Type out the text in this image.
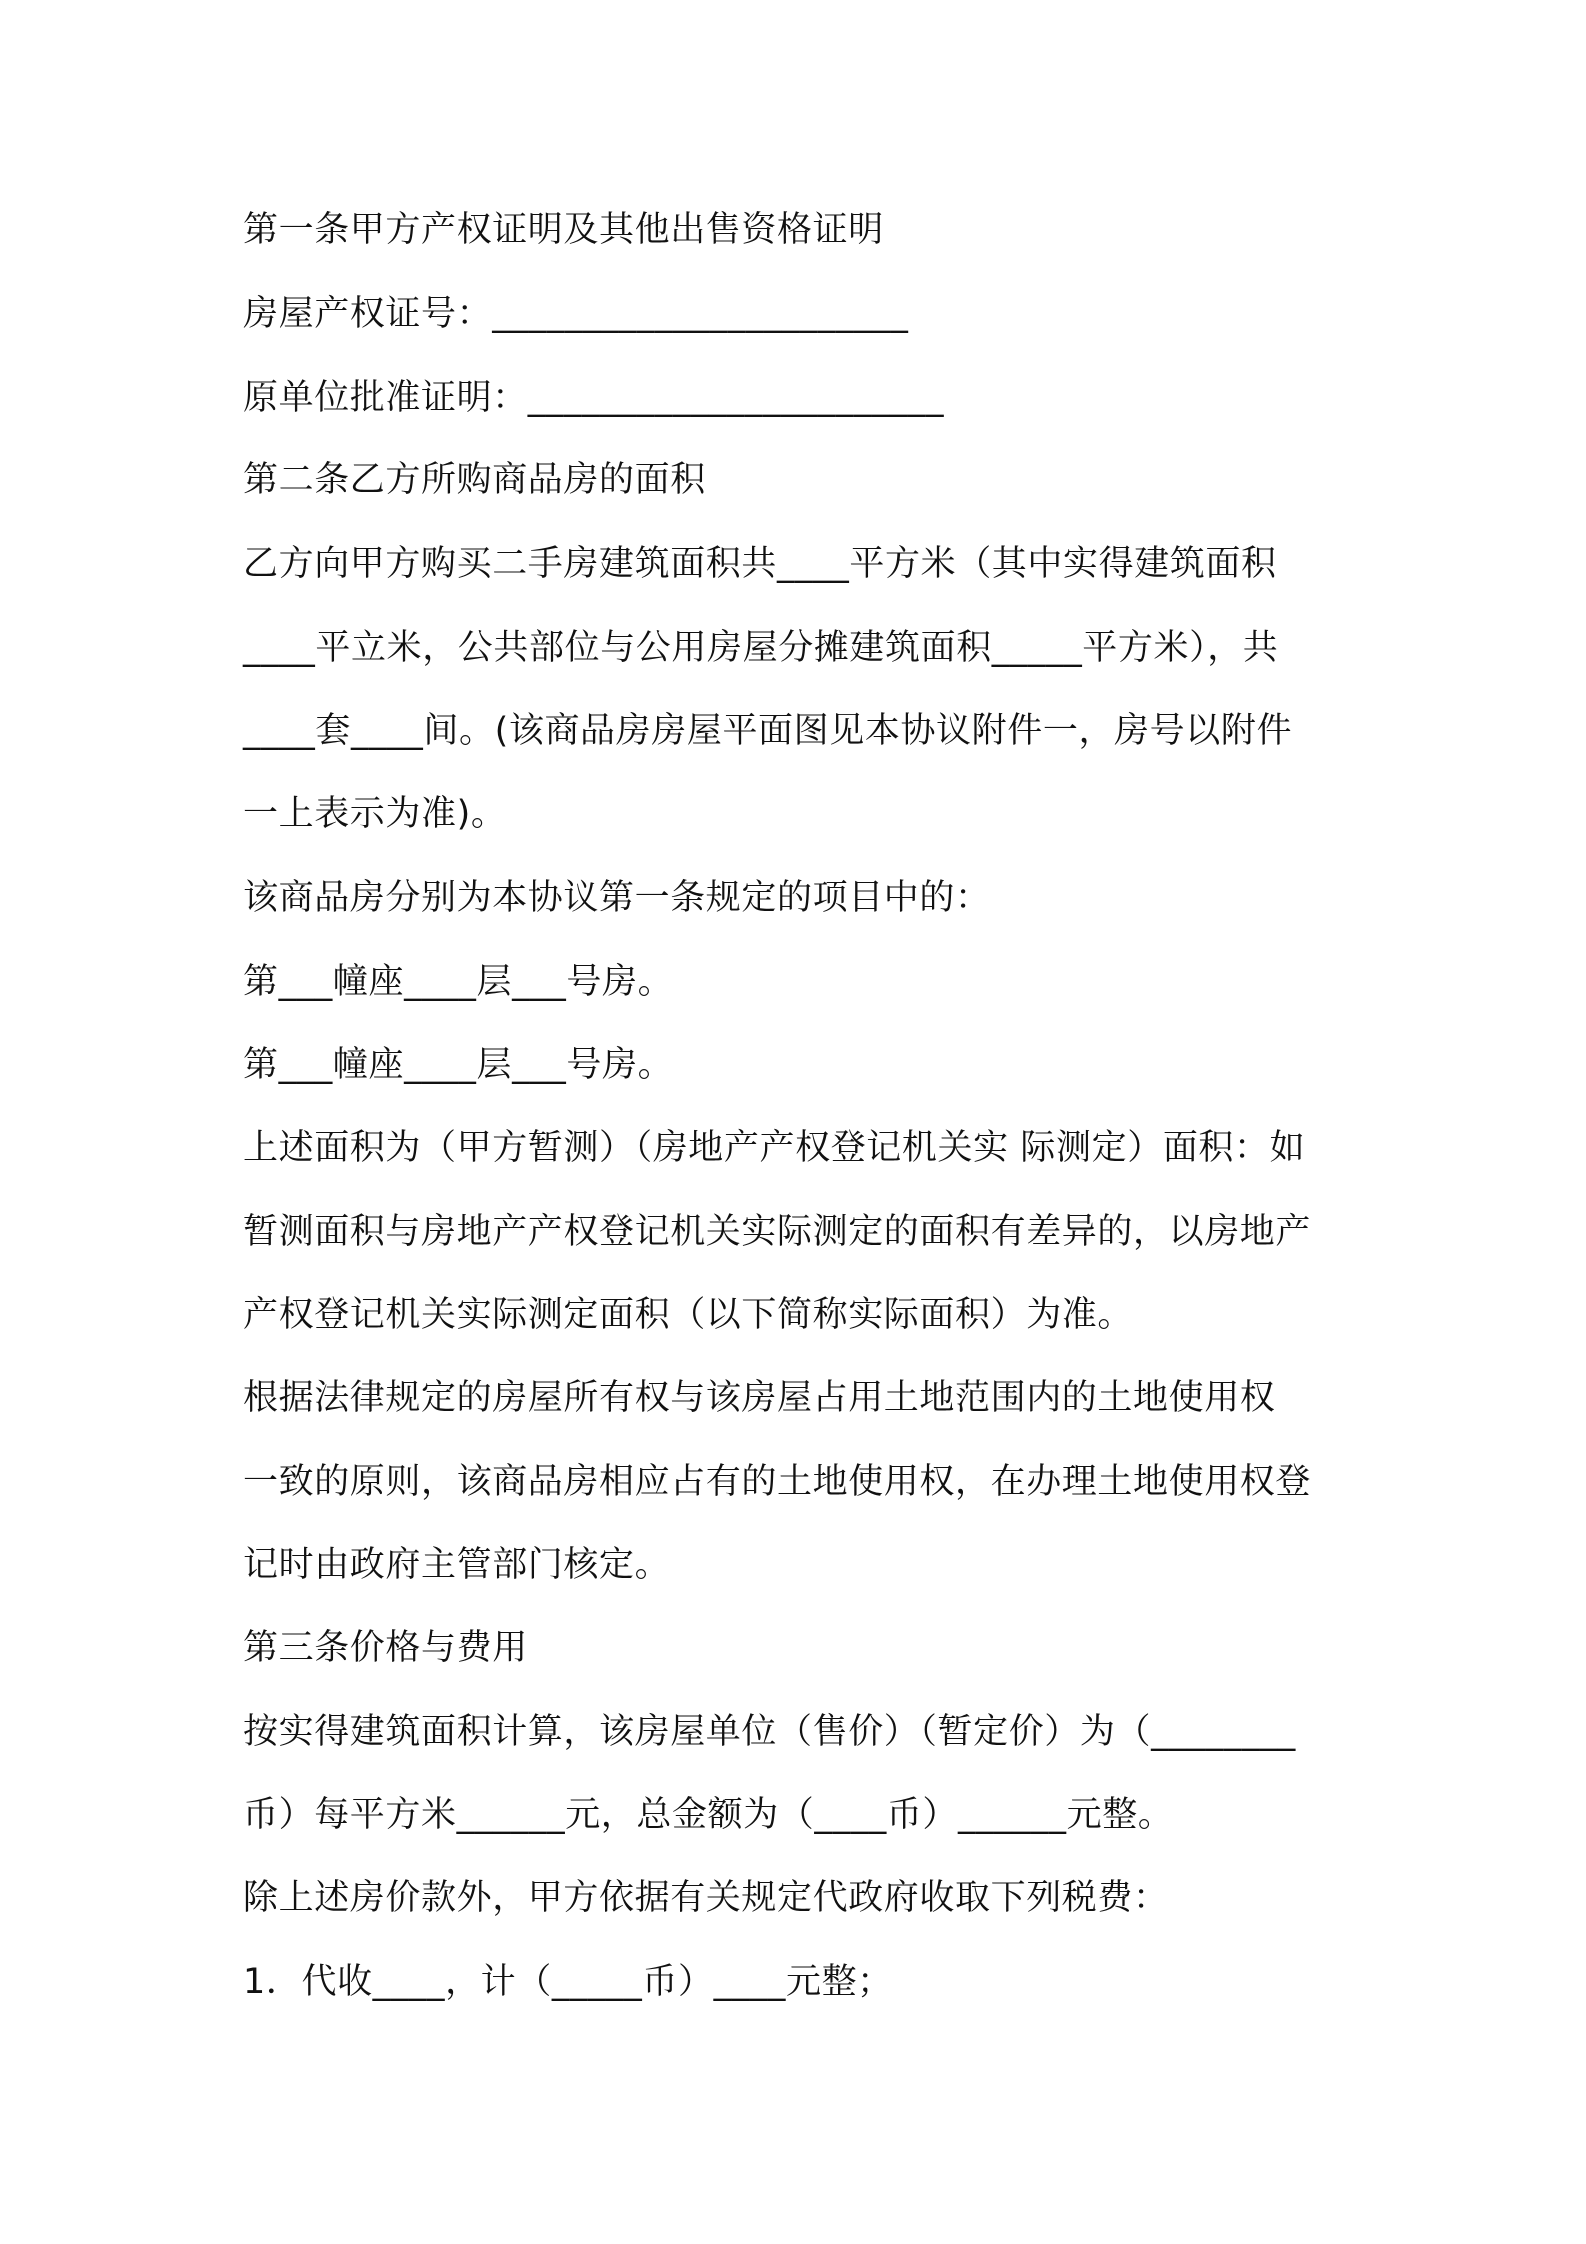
第一条甲方产权证明及其他出售资格证明

房屋产权证号：_______________________

原单位批准证明：_______________________

第二条乙方所购商品房的面积

乙方向甲方购买二手房建筑面积共____平方米（其中实得建筑面积

____平立米，公共部位与公用房屋分摊建筑面积_____平方米），共

____套____间。(该商品房房屋平面图见本协议附件一，房号以附件

一上表示为准)。

该商品房分别为本协议第一条规定的项目中的：

第___幢座____层___号房。

第___幢座____层___号房。

上述面积为（甲方暂测）（房地产产权登记机关实 际测定）面积：如

暂测面积与房地产产权登记机关实际测定的面积有差异的，以房地产

产权登记机关实际测定面积（以下简称实际面积）为准。

根据法律规定的房屋所有权与该房屋占用土地范围内的土地使用权

一致的原则，该商品房相应占有的土地使用权，在办理土地使用权登

记时由政府主管部门核定。

第三条价格与费用

按实得建筑面积计算，该房屋单位（售价）（暂定价）为（________

币）每平方米______元，总金额为（____币）______元整。

除上述房价款外，甲方依据有关规定代政府收取下列税费：

1．代收____，计（_____币）____元整；
